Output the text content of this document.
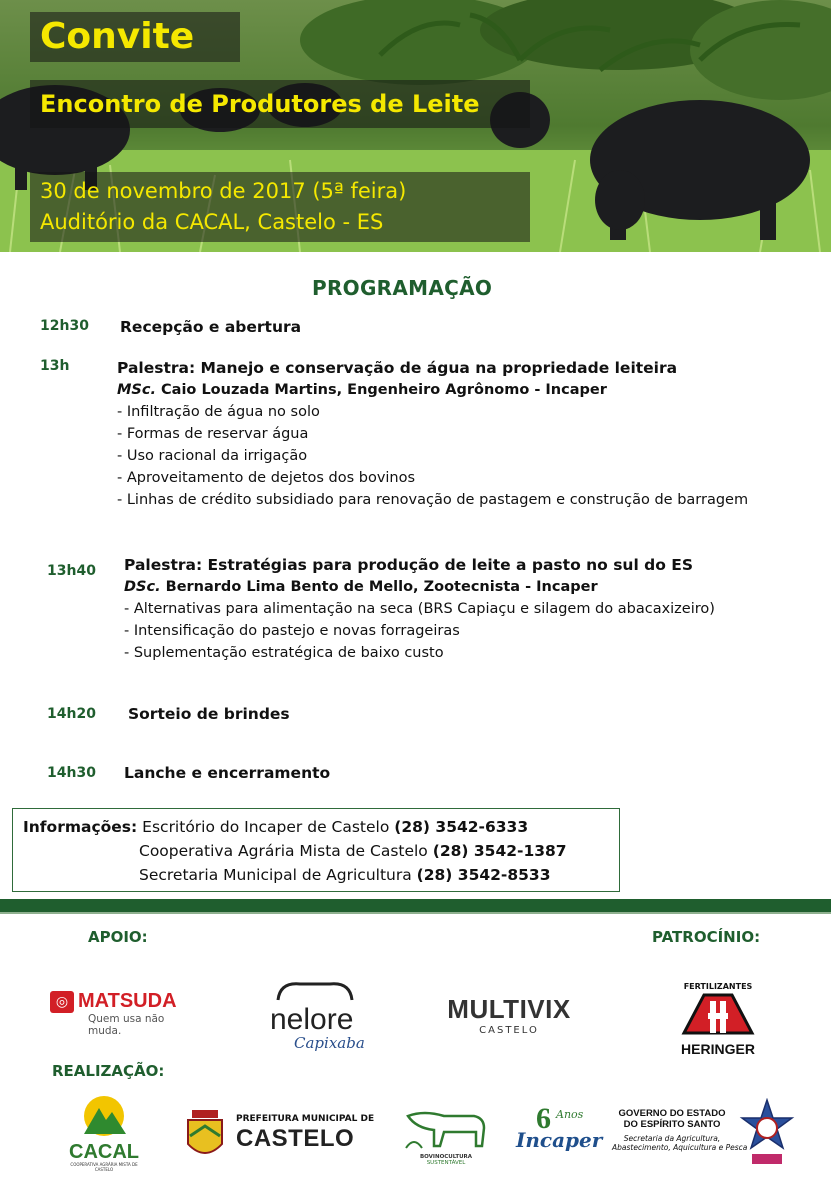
Convite
Encontro de Produtores de Leite
30 de novembro de 2017 (5ª feira)
Auditório da CACAL, Castelo - ES
PROGRAMAÇÃO
12h30 Recepção e abertura
13h	Palestra: Manejo e conservação de água na propriedade leiteira
MSc. Caio Louzada Martins, Engenheiro Agrônomo - Incaper
- Infiltração de água no solo
- Formas de reservar água
- Uso racional da irrigação
- Aproveitamento de dejetos dos bovinos
- Linhas de crédito subsidiado para renovação de pastagem e construção de barragem
13h40 Palestra: Estratégias para produção de leite a pasto no sul do ES
DSc. Bernardo Lima Bento de Mello, Zootecnista - Incaper
- Alternativas para alimentação na seca (BRS Capiaçu e silagem do abacaxizeiro)
- Intensificação do pastejo e novas forrageiras
- Suplementação estratégica de baixo custo
14h20 Sorteio de brindes
14h30 Lanche e encerramento
Informações: Escritório do Incaper de Castelo (28) 3542-6333
Cooperativa Agrária Mista de Castelo (28) 3542-1387
Secretaria Municipal de Agricultura (28) 3542-8533
APOIO:	PATROCÍNIO:
REALIZAÇÃO:
◎ MATSUDA
Quem usa não muda.	nelore
Capixaba
MULTIVIX
CASTELO
FERTILIZANTES
HERINGER
CACAL
COOPERATIVA AGRÁRIA MISTA DE CASTELO
PREFEITURA MUNICIPAL DE
CASTELO
BOVINOCULTURA
SUSTENTÁVEL
6 Anos
Incaper
GOVERNO DO ESTADO
DO ESPÍRITO SANTO
Secretaria da Agricultura,
Abastecimento, Aquicultura e Pesca
